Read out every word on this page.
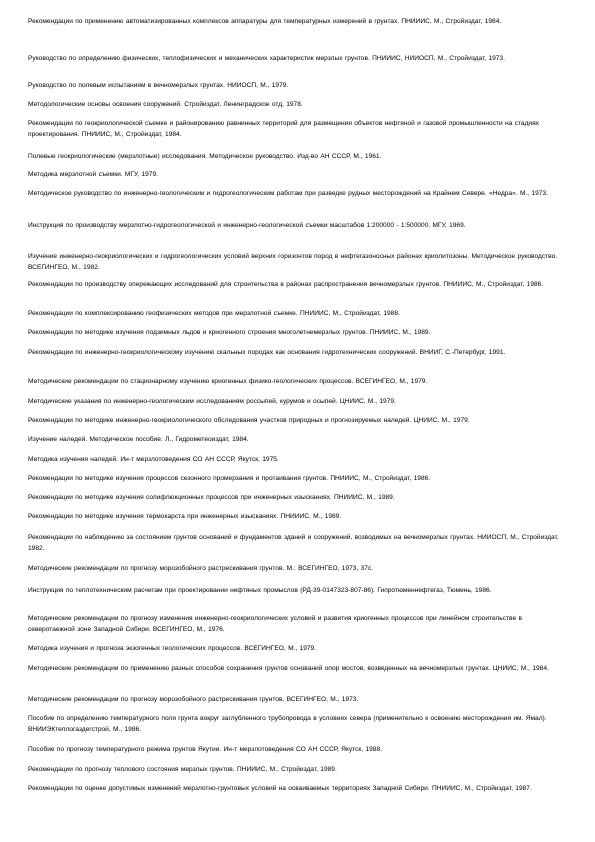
Рекомендации по применению автоматизированных комплексов аппаратуры для температурных измерений в грунтах. ПНИИИС, М., Стройиздат, 1984.

Руководство по определению физических, теплофизических и механических характеристик мерзлых грунтов. ПНИИИС, НИИОСП, М., Стройиздат, 1973.

Руководство по полевым испытаниям в вечномерзлых грунтах. НИИОСП, М., 1979.

Методологические основы освоения сооружений. Стройиздат, Ленинградское отд, 1978.

Рекомендации по геокриологической съемке и районированию равнинных территорий для размещения объектов нефтяной и газовой промышленности на стадиях проектирования. ПНИИИС, М., Стройиздат, 1984.

Полевые геокриологические (мерзлотные) исследования. Методическое руководство. Изд-во АН СССР, М., 1961.

Методика мерзлотной съемки. МГУ, 1979.

Методическое руководство по инженерно-геологическим и гидрогеологическим работам при разведке рудных месторождений на Крайнем Севере. «Недра». М., 1973.

Инструкция по производству мерзлотно-гидрогеологической и инженерно-геологической съемки масштабов 1:200000 - 1:500000. МГУ, 1969.

Изучение инженерно-геокриологических и гидрогеологических условий верхних горизонтов пород в нефтегазоносных районах криолитозоны. Методическое руководство. ВСЕГИНГЕО, М., 1982.

Рекомендации по производству опережающих исследований для строительства в районах распространения вечномерзлых грунтов. ПНИИИС, М., Стройиздат, 1986.

Рекомендации по комплексированию геофизических методов при мерзлотной съемке. ПНИИИС, М., Стройиздат, 1988.

Рекомендации по методике изучения подземных льдов и криогенного строения многолетнемерзлых грунтов. ПНИИИС, М., 1989.

Рекомендации по инженерно-геокриологическому изучению скальных породах как основания гидротехнических сооружений. ВНИИГ, С.-Петербург, 1991.

Методические рекомендации по стационарному изучению криогенных физико-геологических процессов. ВСЕГИНГЕО, М., 1979.

Методические указания по инженерно-геологическим исследованиям россыпей, курумов и осыпей. ЦНИИС, М., 1979.

Рекомендации по методике инженерно-геокриологического обследования участков природных и прогнозируемых наледей. ЦНИИС, М., 1979.

Изучение наледей. Методическое пособие. Л., Гидрометеоиздат, 1984.

Методика изучения наледей. Ин-т мерзлотоведения СО АН СССР, Якутск, 1975.

Рекомендации по методике изучения процессов сезонного промерзания и протаивания грунтов. ПНИИИС, М., Стройиздат, 1986.

Рекомендации по методике изучения солифлюкционных процессов при инженерных изысканиях. ПНИИИС, М., 1989.

Рекомендации по методике изучения термокарста при инженерных изысканиях. ПНИИИС, М., 1989.

Рекомендации по наблюдению за состоянием грунтов оснований и фундаментов зданий и сооружений, возводимых на вечномерзлых грунтах. НИИОСП, М., Стройиздат, 1982.

Методические рекомендации по прогнозу морозобойного растрескивания грунтов. М.: ВСЕГИНГЕО, 1973, 37с.

Инструкция по теплотехническим расчетам при проектировании нефтяных промыслов (РД-39-0147323-807-86). Гипротюменнефтегаз, Тюмень, 1986.

Методические рекомендации по прогнозу изменения инженерно-геокриологических условий и развития криогенных процессов при линейном строительстве в северотаежной зоне Западной Сибири. ВСЕГИНГЕО, М., 1976.

Методика изучения и прогноза экзогенных геологических процессов. ВСЕГИНГЕО, М., 1979.

Методические рекомендации по применению разных способов сохранения грунтов оснований опор мостов, возведенных на вечномерзлых грунтах. ЦНИИС, М., 1984.

Методические рекомендации по прогнозу морозобойного растрескивания грунтов. ВСЕГИНГЕО, М., 1973.

Пособие по определению температурного поля грунта вокруг заглубленного трубопровода в условиях севера (применительно к освоению месторождения им. Ямал). ВНИИЭКтеплогаздегстрой, М., 1986.

Пособие по прогнозу температурного режима грунтов Якутии. Ин-т мерзлотоведения СО АН СССР, Якутск, 1988.

Рекомендации по прогнозу теплового состояния мерзлых грунтов. ПНИИИС, М., Стройиздат, 1989.

Рекомендации по оценке допустимых изменений мерзлотно-грунтовых условий на осваиваемых территориях Западной Сибири. ПНИИИС, М., Стройиздат, 1987.
